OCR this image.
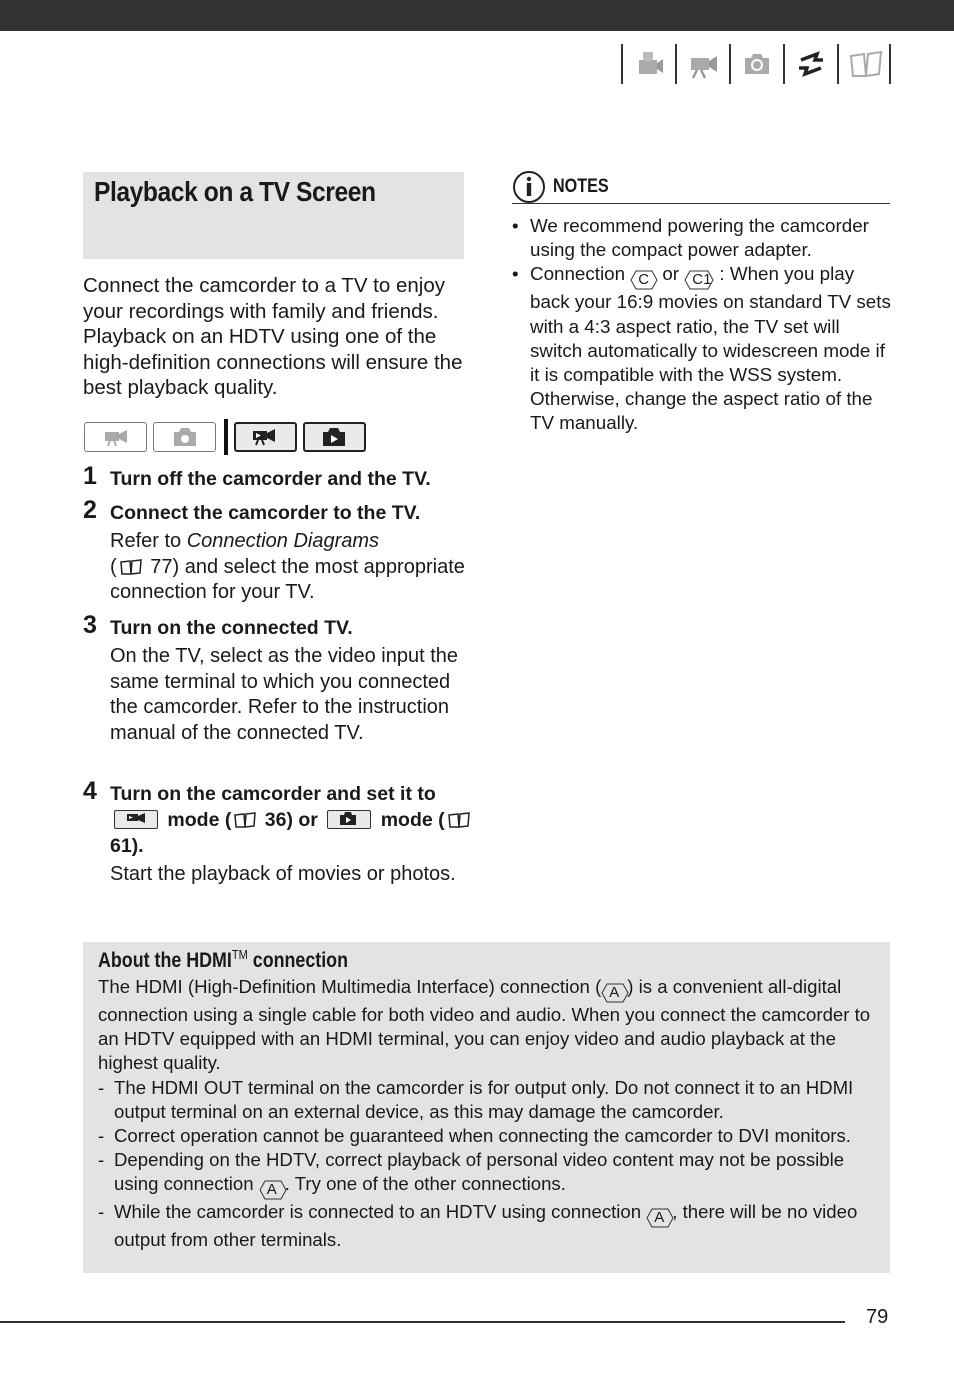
Playback on a TV Screen
Connect the camcorder to a TV to enjoy your recordings with family and friends. Playback on an HDTV using one of the high-definition connections will ensure the best playback quality.
1 Turn off the camcorder and the TV.
2 Connect the camcorder to the TV.
Refer to Connection Diagrams
( 77) and select the most appropriate connection for your TV.
3 Turn on the connected TV.
On the TV, select as the video input the same terminal to which you connected the camcorder. Refer to the instruction manual of the connected TV.
4 Turn on the camcorder and set it to
mode ( 36) or	mode ( 61).
Start the playback of movies or photos.
NOTES
• We recommend powering the camcorder using the compact power adapter.
• Connection C or C1 : When you play back your 16:9 movies on standard TV sets with a 4:3 aspect ratio, the TV set will switch automatically to widescreen mode if it is compatible with the WSS system. Otherwise, change the aspect ratio of the TV manually.
About the HDMI™ connection
The HDMI (High-Definition Multimedia Interface) connection ( A ) is a convenient all-digital connection using a single cable for both video and audio. When you connect the camcorder to an HDTV equipped with an HDMI terminal, you can enjoy video and audio playback at the highest quality.
- The HDMI OUT terminal on the camcorder is for output only. Do not connect it to an HDMI output terminal on an external device, as this may damage the camcorder.
- Correct operation cannot be guaranteed when connecting the camcorder to DVI monitors.
- Depending on the HDTV, correct playback of personal video content may not be possible using connection A . Try one of the other connections.
- While the camcorder is connected to an HDTV using connection A , there will be no video output from other terminals.
79
